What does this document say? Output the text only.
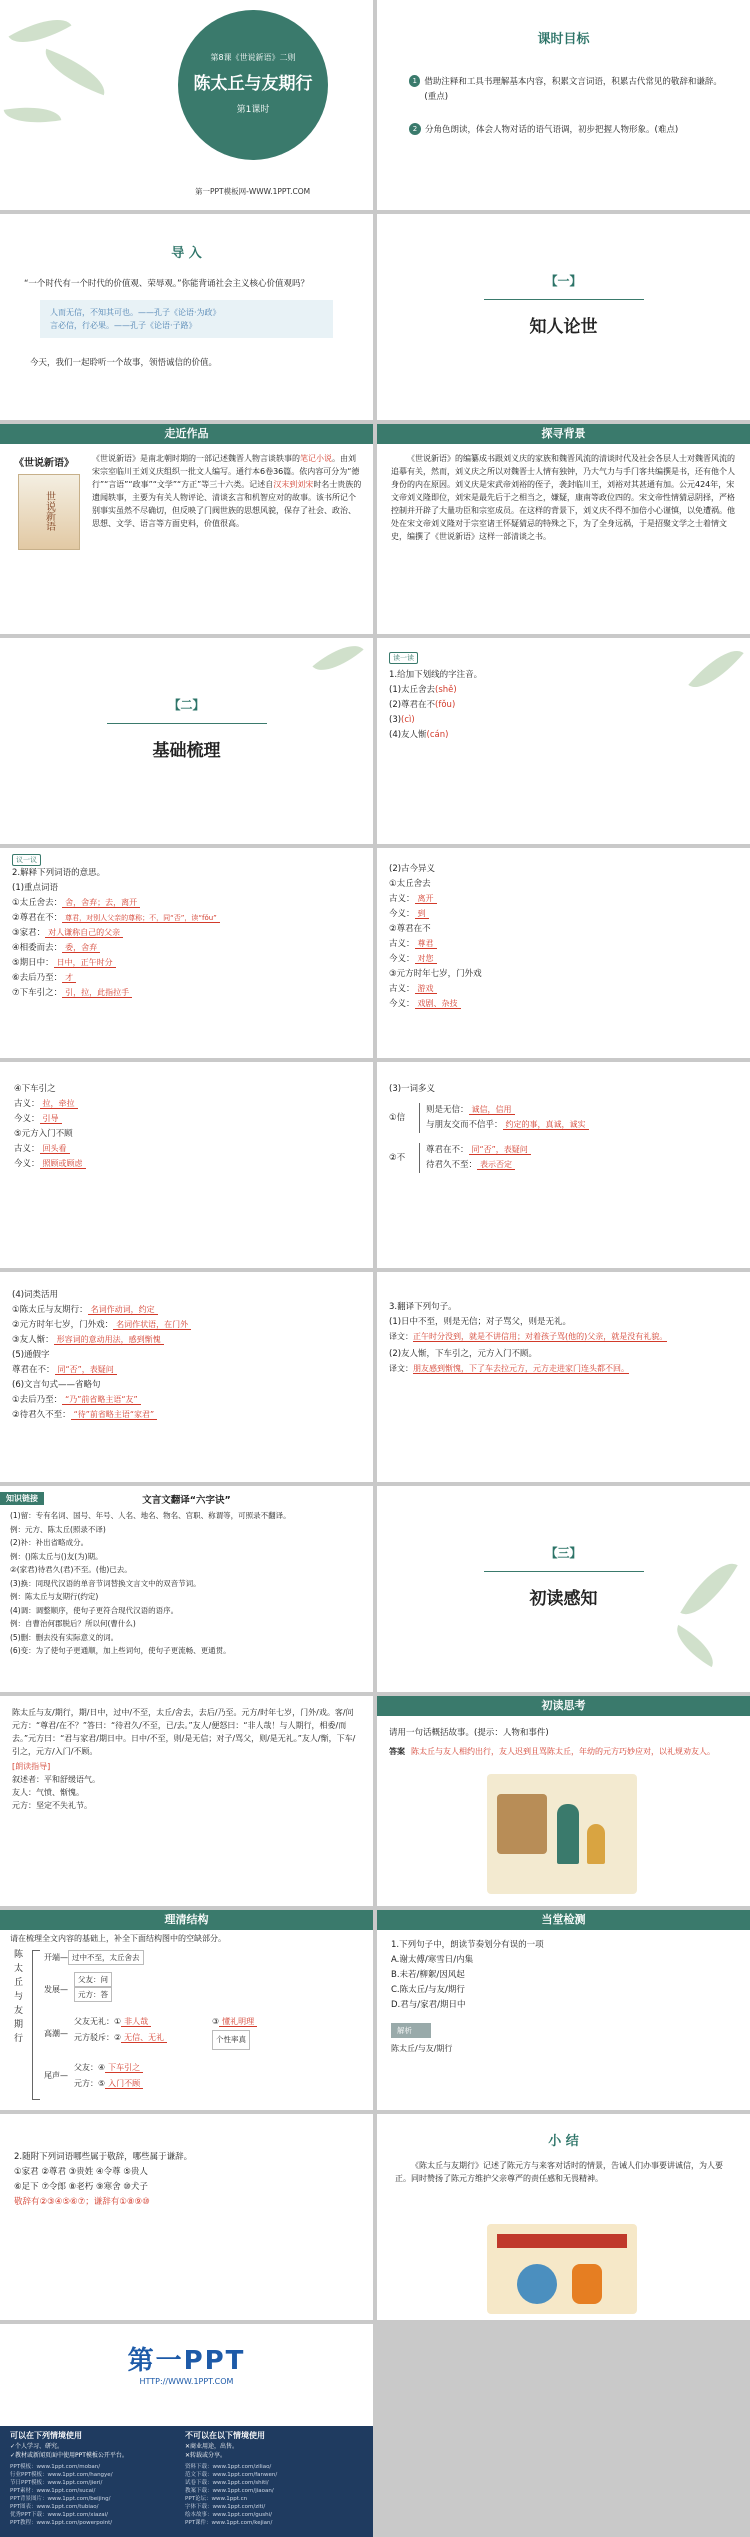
第8课《世说新语》二则
陈太丘与友期行
第1课时
第一PPT模板网-WWW.1PPT.COM
课时目标
1 借助注释和工具书理解基本内容，积累文言词语，积累古代常见的敬辞和谦辞。(重点)
2 分角色朗读，体会人物对话的语气语调，初步把握人物形象。(难点)
导 入
“一个时代有一个时代的价值观、荣辱观。”你能背诵社会主义核心价值观吗？
人而无信，不知其可也。——孔子《论语·为政》
言必信，行必果。——孔子《论语·子路》
今天，我们一起聆听一个故事，领悟诚信的价值。
【一】
知人论世
走近作品
《世说新语》
世说新语
《世说新语》是南北朝时期的一部记述魏晋人物言谈轶事的笔记小说。由刘宋宗室临川王刘义庆组织一批文人编写。通行本6卷36篇。依内容可分为“德行”“言语”“政事”“文学”“方正”等三十六类。记述自汉末到刘宋时名士贵族的遗闻轶事，主要为有关人物评论、清谈玄言和机智应对的故事。该书所记个别事实虽然不尽确切，但反映了门阀世族的思想风貌，保存了社会、政治、思想、文学、语言等方面史料，价值很高。
探寻背景
《世说新语》的编纂成书跟刘义庆的家族和魏晋风流的清谈时代及社会各层人士对魏晋风流的追摹有关，然而，刘义庆之所以对魏晋士人情有独钟，乃大气力与手门客共编撰是书，还有他个人身份的内在原因。刘义庆是宋武帝刘裕的侄子，袭封临川王，刘裕对其甚通有加。公元424年，宋文帝刘义隆即位，刘宋是最先后于之相当之，嫌疑，康南等政位四的。宋文帝性情猜忌阴择，严格控制并开辟了大量功臣和宗室成员。在这样的背景下，刘义庆不得不加倍小心谨慎，以免遭祸。他处在宋文帝刘义隆对于宗室诸王怀疑猜忌的特殊之下，为了全身远祸，于是招聚文学之士着情文史，编撰了《世说新语》这样一部清谈之书。
【二】
基础梳理
读一读
1.给加下划线的字注音。
(1)太丘舍去(shě)
(2)尊君在不(fǒu)
(3)(cì)
(4)友人惭(cán)
议一议
2.解释下列词语的意思。
(1)重点词语
①太丘舍去： 舍，舍弃；去，离开
②尊君在不： 尊君，对别人父亲的尊称；不，同“否”，读“fǒu”
③家君： 对人谦称自己的父亲
④相委而去： 委，舍弃
⑤期日中： 日中，正午时分
⑥去后乃至： 才
⑦下车引之： 引，拉，此指拉手
(2)古今异义
①太丘舍去
古义： 离开
今义： 到
②尊君在不
古义： 尊君
今义： 对您
③元方时年七岁，门外戏
古义： 游戏
今义： 戏剧、杂技
④下车引之
古义： 拉，牵拉
今义： 引导
⑤元方入门不顾
古义： 回头看
今义： 照顾或顾虑
(3)一词多义
①信
则是无信： 诚信，信用
与朋友交而不信乎： 约定的事，真诚，诚实
②不
尊君在不： 同“否”，表疑问
待君久不至： 表示否定
(4)词类活用
①陈太丘与友期行： 名词作动词，约定
②元方时年七岁，门外戏： 名词作状语，在门外
③友人惭： 形容词的意动用法，感到惭愧
(5)通假字
尊君在不： 同“否”，表疑问
(6)文言句式——省略句
①去后乃至： “乃”前省略主语“友”
②待君久不至： “待”前省略主语“家君”
3.翻译下列句子。
(1)日中不至，则是无信；对子骂父，则是无礼。
译文：正午时分没到，就是不讲信用；对着孩子骂(他的)父亲，就是没有礼貌。
(2)友人惭，下车引之，元方入门不顾。
译文：朋友感到惭愧，下了车去拉元方，元方走进家门连头都不回。
知识链接	文言文翻译“六字诀”
(1)留：专有名词、国号、年号、人名、地名、物名、官职、称谓等，可照录不翻译。
例：元方、陈太丘(照录不译)
(2)补：补出省略成分。
例：()陈太丘与()友(为)期。
②(家君)待君久(君)不至。(他)已去。
(3)换：同现代汉语的单音节词替换文言文中的双音节词。
例：陈太丘与友期行(约定)
(4)调：调整顺序，使句子更符合现代汉语的语序。
例：自曹治何郡脱后？所以何(曹什么)
(5)删：删去没有实际意义的词。
(6)变：为了使句子更通顺，加上些词句，使句子更流畅、更通贯。
【三】
初读感知
陈太丘与友/期行，期/日中，过中/不至，太丘/舍去，去后/乃至。元方/时年七岁，门外/戏。客/问元方：“尊君/在不？”答曰：“待君久/不至，已/去。”友人/便怒曰：“非人哉！与人期行，相委/而去。”元方曰：“君与家君/期日中。日中/不至，则/是无信；对子/骂父，则/是无礼。”友人/惭，下车/引之，元方/入门/不顾。
[朗读指导]
叙述者：平和舒缓语气。
友人：气愤、惭愧。
元方：坚定不失礼节。
初读思考
请用一句话概括故事。(提示：人物和事件)
答案 陈太丘与友人相约出行，友人迟到且骂陈太丘，年幼的元方巧妙应对，以礼规劝友人。
理清结构
请在梳理全文内容的基础上，补全下面结构图中的空缺部分。
陈太丘与友期行
开端— 过中不至，太丘舍去
发展—
父友：问
元方：答
高潮—
父友无礼：① 非人哉
元方驳斥：② 无信、无礼
③ 懂礼明理
个性率真
尾声—
父友：④ 下车引之
元方：⑤ 入门不顾
当堂检测
1.下列句子中，朗读节奏划分有误的一项
A.谢太傅/寒雪日/内集
B.未若/柳絮/因风起
C.陈太丘/与友/期行
D.君与/家君/期日中
解析
陈太丘/与友/期行
2.随附下列词语哪些属于敬辞，哪些属于谦辞。
①家君 ②尊君 ③贵姓 ④令尊 ⑤贵人
⑥足下 ⑦令郎 ⑧老朽 ⑨寒舍 ⑩犬子
敬辞有②③④⑤⑥⑦；谦辞有①⑧⑨⑩
小 结
《陈太丘与友期行》记述了陈元方与来客对话时的情景，告诫人们办事要讲诚信，为人要正。同时赞扬了陈元方维护父亲尊严的责任感和无畏精神。
第一PPT
HTTP://WWW.1PPT.COM
可以在下列情境使用
✓个人学习、研究。
✓教材或新闻页面中使用PPT模板公开平台。
不可以在以下情境使用
✕商业用途，出售。
✕转载或分享。
PPT模板：www.1ppt.com/moban/
行业PPT模板：www.1ppt.com/hangye/
节日PPT模板：www.1ppt.com/jieri/
PPT素材：www.1ppt.com/sucai/
PPT背景图片：www.1ppt.com/beijing/
PPT图表：www.1ppt.com/tubiao/
优秀PPT下载：www.1ppt.com/xiazai/
PPT教程：www.1ppt.com/powerpoint/
资料下载：www.1ppt.com/ziliao/
范文下载：www.1ppt.com/fanwen/
试卷下载：www.1ppt.com/shiti/
教案下载：www.1ppt.com/jiaoan/
PPT论坛：www.1ppt.cn
字体下载：www.1ppt.com/ziti/
绘本故事：www.1ppt.com/gushi/
PPT课件：www.1ppt.com/kejian/
